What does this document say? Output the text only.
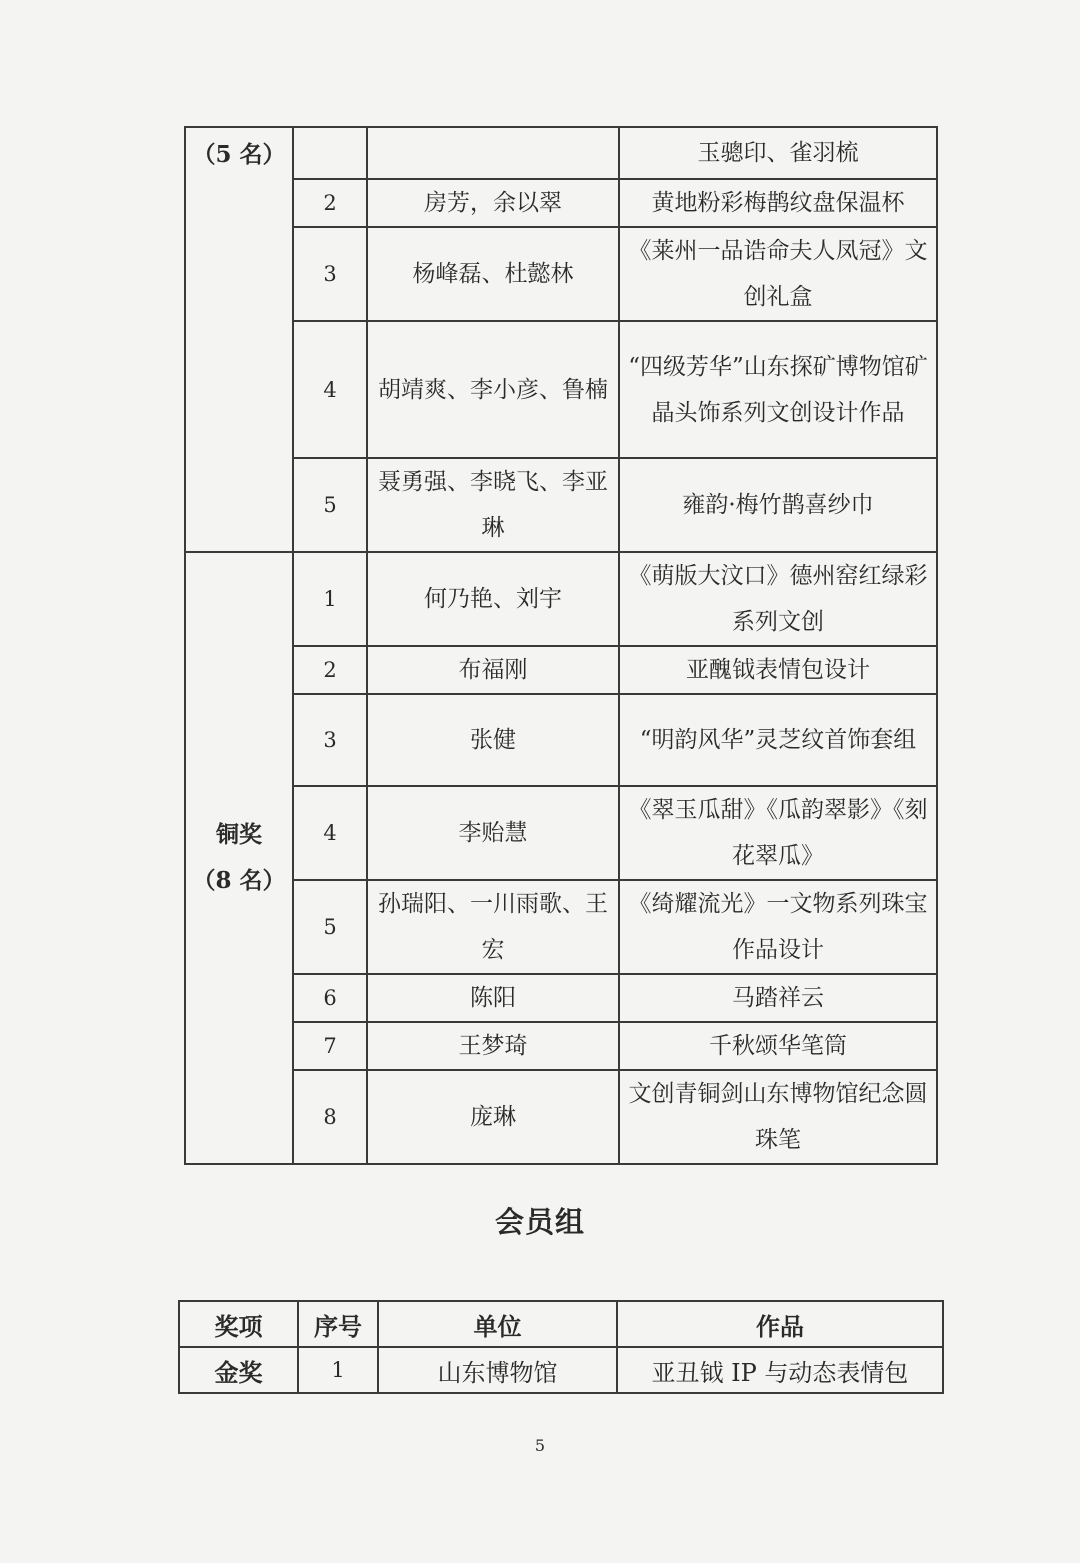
（5 名）			玉骢印、雀羽梳
	2	房芳，余以翠	黄地粉彩梅鹊纹盘保温杯
	3	杨峰磊、杜懿林	《莱州一品诰命夫人凤冠》文创礼盒
	4	胡靖爽、李小彦、鲁楠	“四级芳华”山东探矿博物馆矿晶头饰系列文创设计作品
	5	聂勇强、李晓飞、李亚琳	雍韵·梅竹鹊喜纱巾

铜奖
（8 名）	1	何乃艳、刘宇	《萌版大汶口》德州窑红绿彩系列文创
	2	布福刚	亚醜钺表情包设计
	3	张健	“明韵风华”灵芝纹首饰套组
	4	李贻慧	《翠玉瓜甜》《瓜韵翠影》《刻花翠瓜》
	5	孙瑞阳、一川雨歌、王宏	《绮耀流光》一文物系列珠宝作品设计
	6	陈阳	马踏祥云
	7	王梦琦	千秋颂华笔筒
	8	庞琳	文创青铜剑山东博物馆纪念圆珠笔
会员组
奖项	序号	单位	作品
金奖	1	山东博物馆	亚丑钺 IP 与动态表情包
5
